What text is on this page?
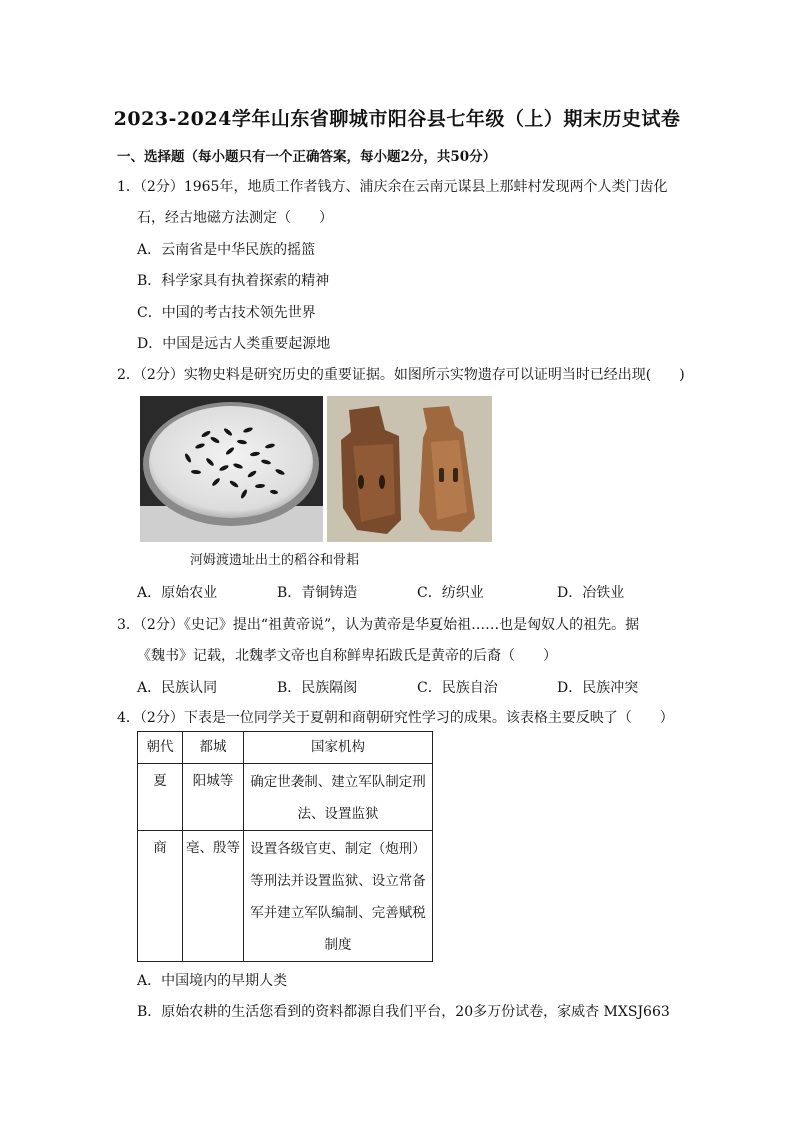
2023-2024学年山东省聊城市阳谷县七年级（上）期末历史试卷
一、选择题（每小题只有一个正确答案，每小题2分，共50分）
1．（2分）1965年，地质工作者钱方、浦庆余在云南元谋县上那蚌村发现两个人类门齿化
石，经古地磁方法测定（　　）
A．云南省是中华民族的摇篮
B．科学家具有执着探索的精神
C．中国的考古技术领先世界
D．中国是远古人类重要起源地
2．（2分）实物史料是研究历史的重要证据。如图所示实物遗存可以证明当时已经出现(　　)
河姆渡遗址出土的稻谷和骨耜
A．原始农业	B．青铜铸造	C．纺织业	D．冶铁业
3．（2分）《史记》提出“祖黄帝说”，认为黄帝是华夏始祖……也是匈奴人的祖先。据
《魏书》记载，北魏孝文帝也自称鲜卑拓跋氏是黄帝的后裔（　　）
A．民族认同	B．民族隔阂	C．民族自治	D．民族冲突
4．（2分）下表是一位同学关于夏朝和商朝研究性学习的成果。该表格主要反映了（　　）
朝代	都城	国家机构
夏	阳城等	确定世袭制、建立军队制定刑
法、设置监狱

商	亳、殷等	设置各级官吏、制定（炮刑）
等刑法并设置监狱、设立常备
军并建立军队编制、完善赋税
制度
A．中国境内的早期人类
B．原始农耕的生活您看到的资料都源自我们平台，20多万份试卷，家威杏 MXSJ663
